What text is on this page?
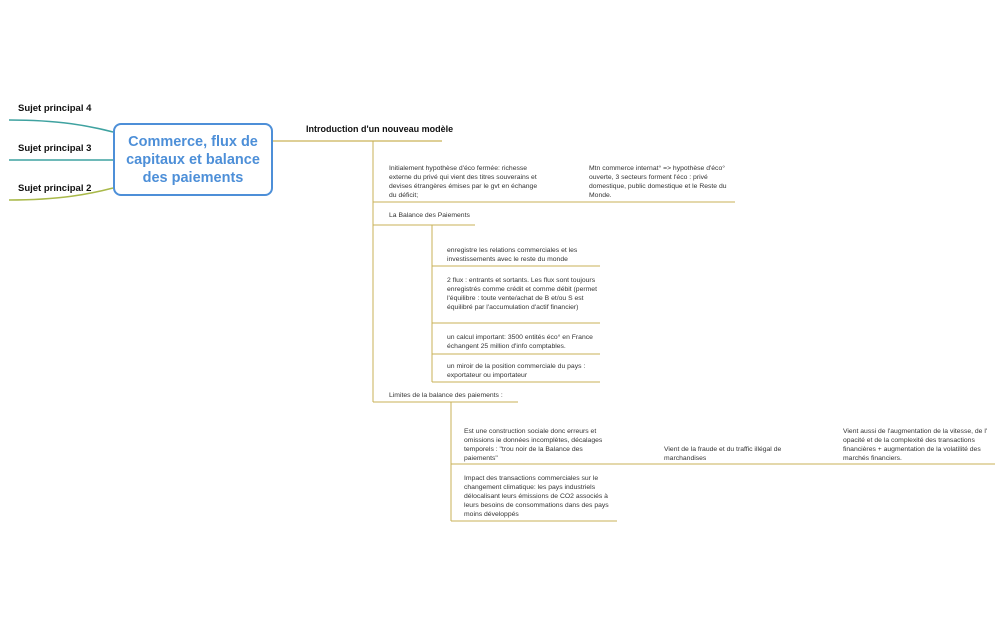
Sujet principal 4
Sujet principal 3
Sujet principal 2
Commerce, flux de capitaux et balance des paiements
Introduction d'un nouveau modèle
Initialement hypothèse d'éco fermée: richesse externe du privé qui vient des titres souverains et devises étrangères émises par le gvt en échange du déficit;
Mtn commerce internat° => hypothèse d'éco° ouverte, 3 secteurs forment l'éco : privé domestique, public domestique et le Reste du Monde.
La Balance des Paiements
enregistre les relations commerciales et les investissements avec le reste du monde
2 flux : entrants et sortants. Les flux sont toujours enregistrés comme crédit et comme débit (permet l'équilibre : toute vente/achat de B et/ou S est équilibré par l'accumulation d'actif financier)
un calcul important: 3500 entités éco° en France échangent 25 million d'info comptables.
un miroir de la position commerciale du pays : exportateur ou importateur
Limites de la balance des paiements :
Est une construction sociale donc erreurs et omissions ie données incomplètes, décalages temporels : "trou noir de la Balance des paiements"
Vient de la fraude et du traffic illégal de marchandises
Vient aussi de l'augmentation de la vitesse, de l' opacité et de la complexité des transactions financières + augmentation de la volatilité des marchés financiers.
Impact des transactions commerciales sur le changement climatique: les pays industriels délocalisant leurs émissions de CO2 associés à leurs besoins de consommations dans des pays moins développés
